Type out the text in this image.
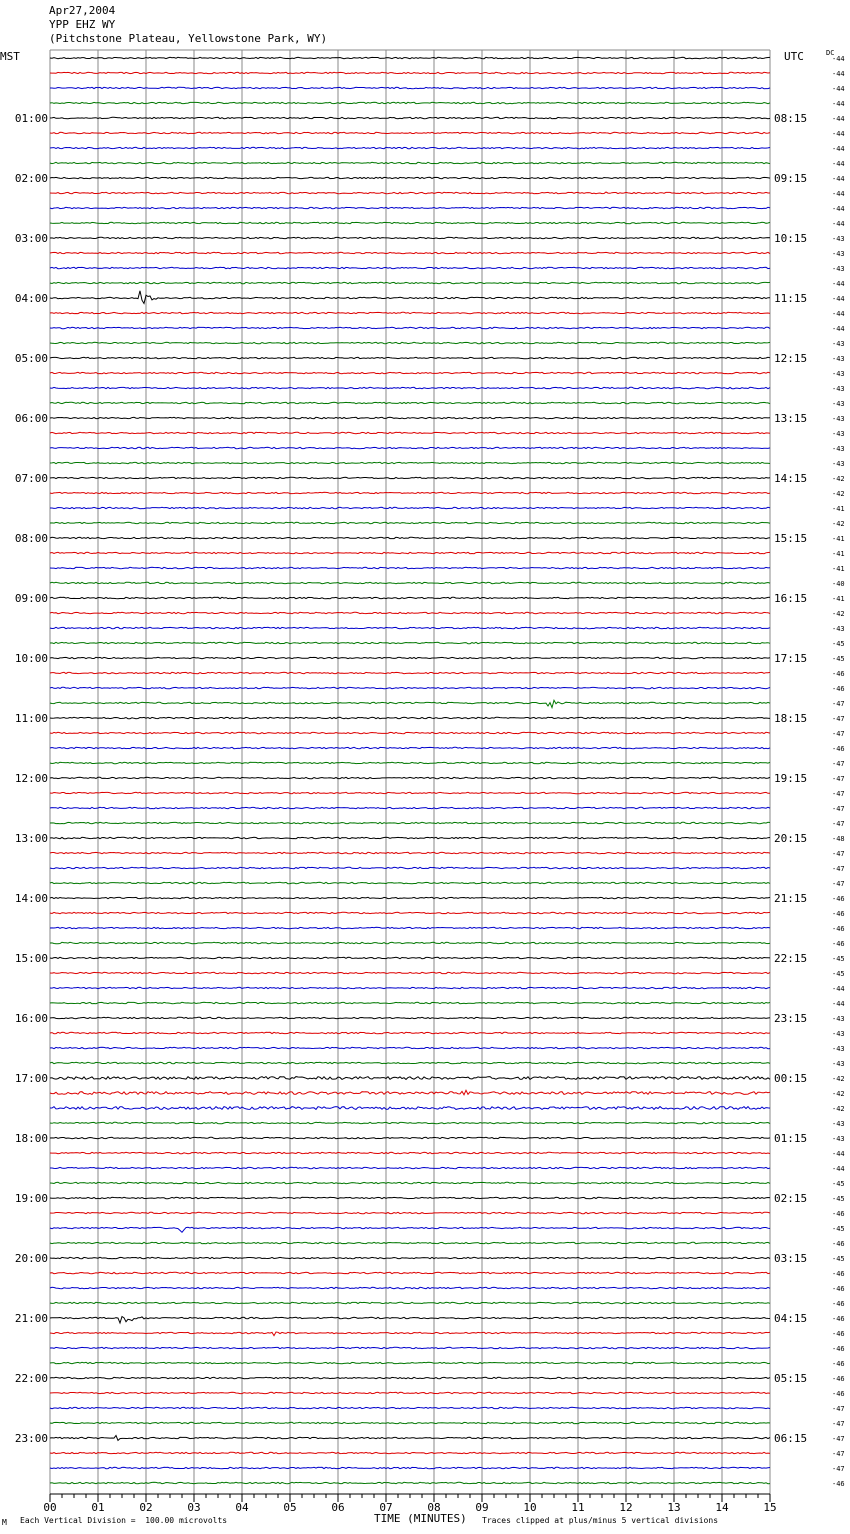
Apr27,2004
YPP EHZ WY
(Pitchstone Plateau, Yellowstone Park, WY)
MST	UTC	DC
00	01	02	03	04	05	06	07	08	09	10	11	12	13	14	15
-44
-44
-44
-44
-44
-44
-44
-44
-44
-44
-44
-44
-43
-43
-43
-44
-44
-44
-44
-43
-43
-43
-43
-43
-43
-43
-43
-43
-42
-42
-41
-42
-41
-41
-41
-40
-41
-42
-43
-45
-45
-46
-46
-47
-47
-47
-46
-47
-47
-47
-47
-47
-48
-47
-47
-47
-46
-46
-46
-46
-45
-45
-44
-44
-43
-43
-43
-43
-42
-42
-42
-43
-43
-44
-44
-45
-45
-46
-45
-46
-45
-46
-46
-46
-46
-46
-46
-46
-46
-46
-47
-47
-47
-47
-47
-46
01:00
02:00
03:00
04:00
05:00
06:00
07:00
08:00
09:00
10:00
11:00
12:00
13:00
14:00
15:00
16:00
17:00
18:00
19:00
20:00
21:00
22:00
23:00
08:15
09:15
10:15
11:15
12:15
13:15
14:15
15:15
16:15
17:15
18:15
19:15
20:15
21:15
22:15
23:15
00:15
01:15
02:15
03:15
04:15
05:15
06:15
M Each Vertical Division =  100.00 microvolts	Traces clipped at plus/minus 5 vertical divisions
TIME (MINUTES)
